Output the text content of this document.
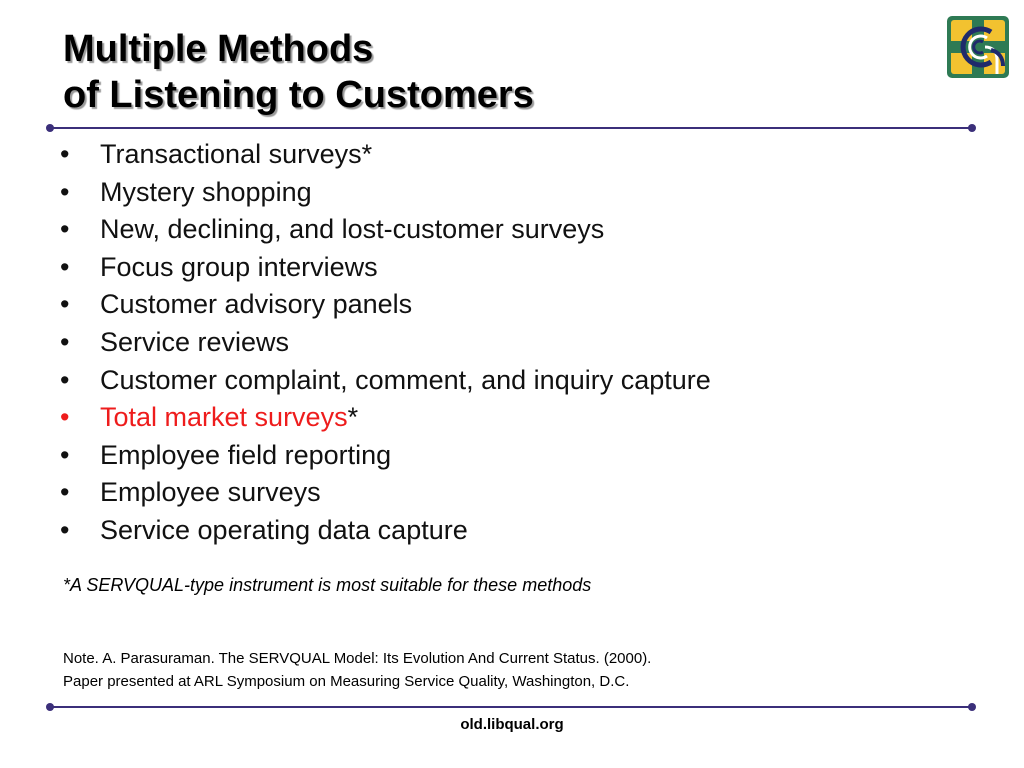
Multiple Methods
of Listening to Customers
• Transactional surveys*
• Mystery shopping
• New, declining, and lost-customer surveys
• Focus group interviews
• Customer advisory panels
• Service reviews
• Customer complaint, comment, and inquiry capture
• Total market surveys*
• Employee field reporting
• Employee surveys
• Service operating data capture
*A SERVQUAL-type instrument is most suitable for these methods
Note. A. Parasuraman. The SERVQUAL Model: Its Evolution And Current Status. (2000).
Paper presented at ARL Symposium on Measuring Service Quality, Washington, D.C.
old.libqual.org
